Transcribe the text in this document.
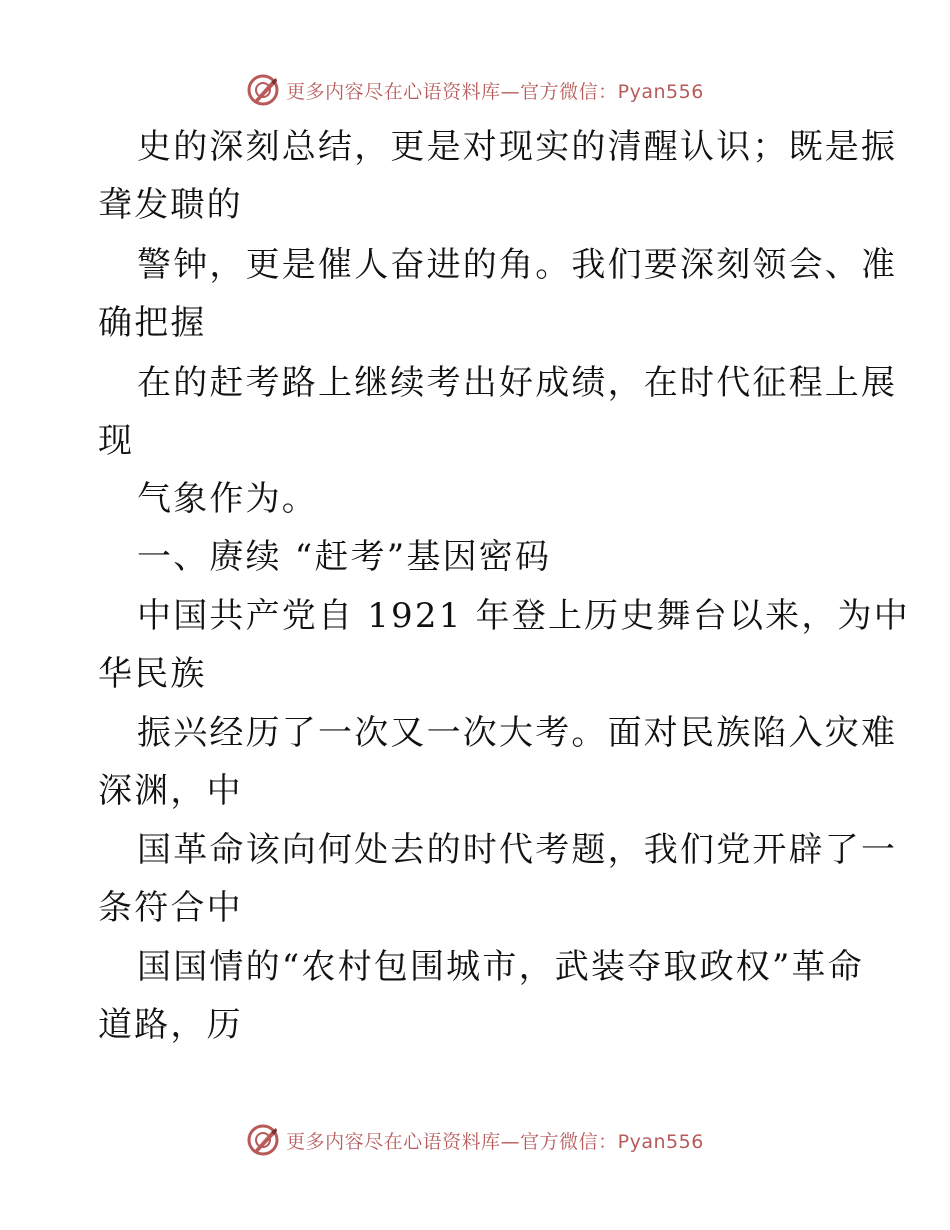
更多内容尽在心语资料库—官方微信：Pyan556
史的深刻总结，更是对现实的清醒认识；既是振
聋发聩的
警钟，更是催人奋进的角。我们要深刻领会、准
确把握
在的赶考路上继续考出好成绩，在时代征程上展
现
气象作为。
一、赓续 “赶考”基因密码
中国共产党自 1921 年登上历史舞台以来，为中
华民族
振兴经历了一次又一次大考。面对民族陷入灾难
深渊，中
国革命该向何处去的时代考题，我们党开辟了一
条符合中
国国情的“农村包围城市，武装夺取政权”革命
道路，历
更多内容尽在心语资料库—官方微信：Pyan556
